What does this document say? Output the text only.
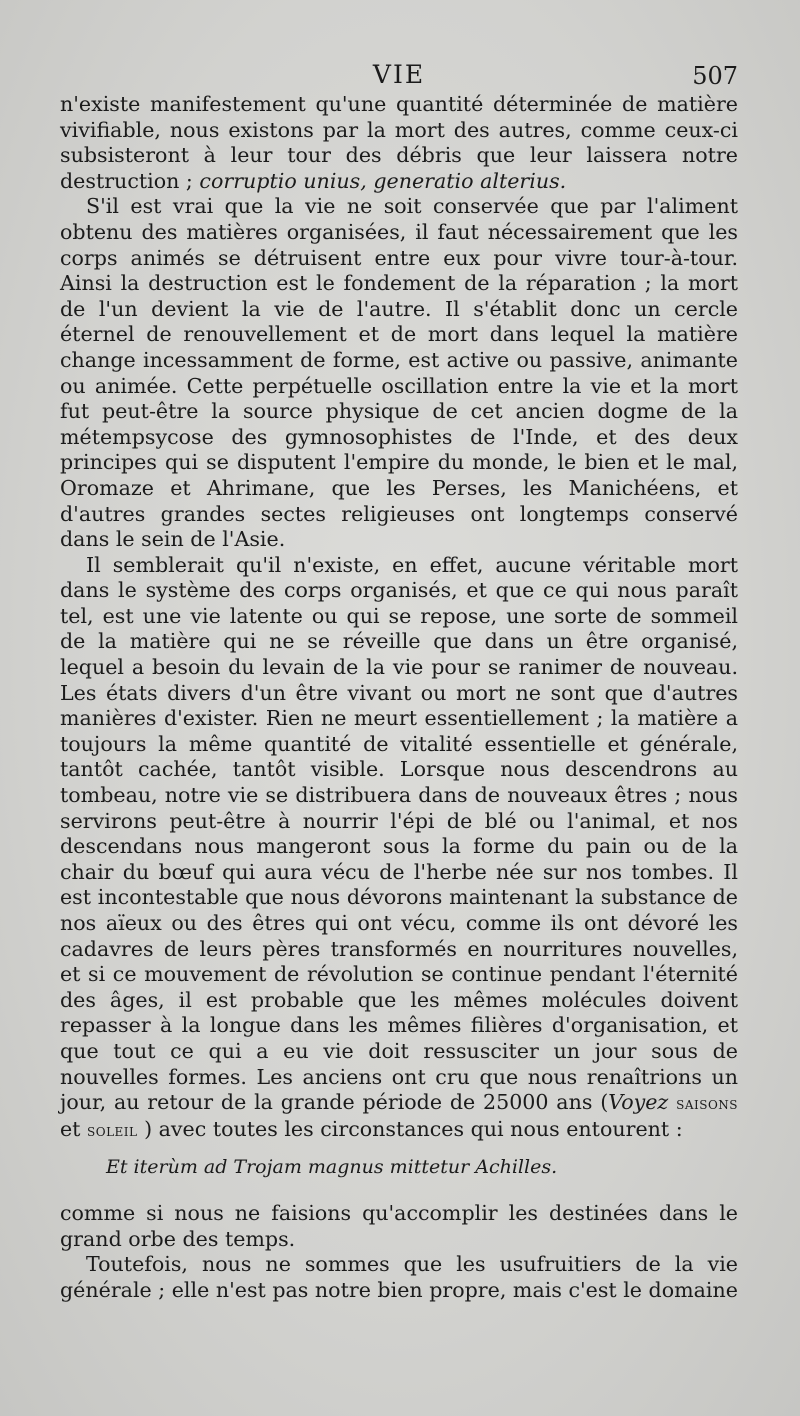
VIE	507

n'existe manifestement qu'une quantité déterminée de matière vivifiable, nous existons par la mort des autres, comme ceux-ci subsisteront à leur tour des débris que leur laissera notre destruction ; corruptio unius, generatio alterius.

S'il est vrai que la vie ne soit conservée que par l'aliment obtenu des matières organisées, il faut nécessairement que les corps animés se détruisent entre eux pour vivre tour-à-tour. Ainsi la destruction est le fondement de la réparation ; la mort de l'un devient la vie de l'autre. Il s'établit donc un cercle éternel de renouvellement et de mort dans lequel la matière change incessamment de forme, est active ou passive, animante ou animée. Cette perpétuelle oscillation entre la vie et la mort fut peut-être la source physique de cet ancien dogme de la métempsycose des gymnosophistes de l'Inde, et des deux principes qui se disputent l'empire du monde, le bien et le mal, Oromaze et Ahrimane, que les Perses, les Manichéens, et d'autres grandes sectes religieuses ont longtemps conservé dans le sein de l'Asie.

Il semblerait qu'il n'existe, en effet, aucune véritable mort dans le système des corps organisés, et que ce qui nous paraît tel, est une vie latente ou qui se repose, une sorte de sommeil de la matière qui ne se réveille que dans un être organisé, lequel a besoin du levain de la vie pour se ranimer de nouveau. Les états divers d'un être vivant ou mort ne sont que d'autres manières d'exister. Rien ne meurt essentiellement ; la matière a toujours la même quantité de vitalité essentielle et générale, tantôt cachée, tantôt visible. Lorsque nous descendrons au tombeau, notre vie se distribuera dans de nouveaux êtres ; nous servirons peut-être à nourrir l'épi de blé ou l'animal, et nos descendans nous mangeront sous la forme du pain ou de la chair du bœuf qui aura vécu de l'herbe née sur nos tombes. Il est incontestable que nous dévorons maintenant la substance de nos aïeux ou des êtres qui ont vécu, comme ils ont dévoré les cadavres de leurs pères transformés en nourritures nouvelles, et si ce mouvement de révolution se continue pendant l'éternité des âges, il est probable que les mêmes molécules doivent repasser à la longue dans les mêmes filières d'organisation, et que tout ce qui a eu vie doit ressusciter un jour sous de nouvelles formes. Les anciens ont cru que nous renaîtrions un jour, au retour de la grande période de 25000 ans (Voyez saisons et soleil ) avec toutes les circonstances qui nous entourent :

Et iterùm ad Trojam magnus mittetur Achilles.

comme si nous ne faisions qu'accomplir les destinées dans le grand orbe des temps.

Toutefois, nous ne sommes que les usufruitiers de la vie générale ; elle n'est pas notre bien propre, mais c'est le domaine
